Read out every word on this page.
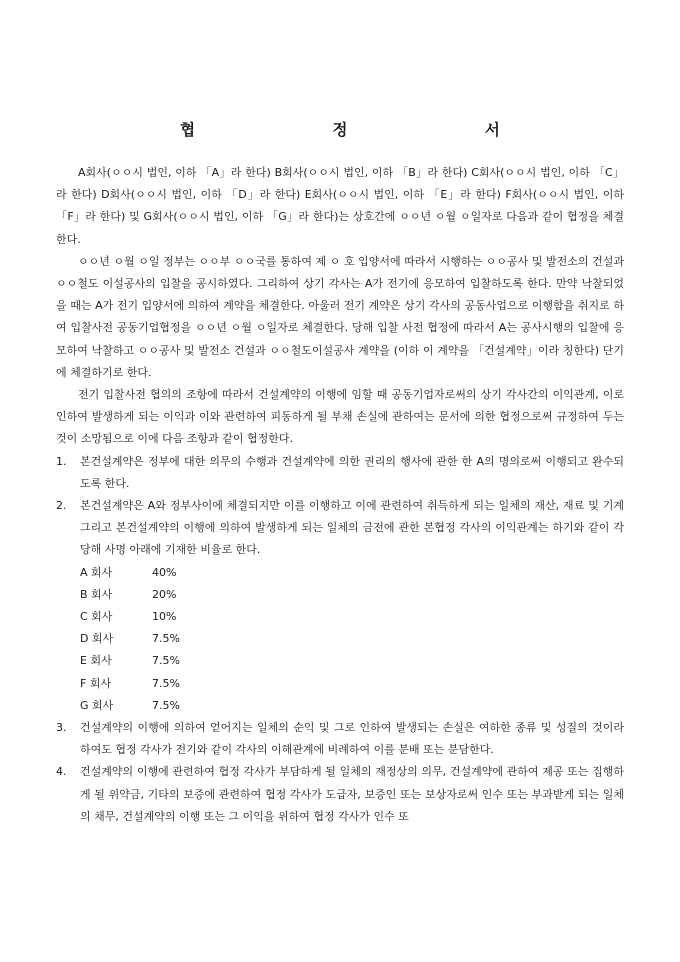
협 정 서

A회사(ㅇㅇ시 법인, 이하 「A」라 한다) B회사(ㅇㅇ시 법인, 이하 「B」라 한다) C회사(ㅇㅇ시 법인, 이하 「C」라 한다) D회사(ㅇㅇ시 법인, 이하 「D」라 한다) E회사(ㅇㅇ시 법인, 이하 「E」라 한다) F회사(ㅇㅇ시 법인, 이하 「F」라 한다) 및 G회사(ㅇㅇ시 법인, 이하 「G」라 한다)는 상호간에 ㅇㅇ년 ㅇ월 ㅇ일자로 다음과 같이 협정을 체결한다.

ㅇㅇ년 ㅇ월 ㅇ일 정부는 ㅇㅇ부 ㅇㅇ국를 통하여 제 ㅇ 호 입양서에 따라서 시행하는 ㅇㅇ공사 및 발전소의 건설과 ㅇㅇ철도 이설공사의 입찰을 공시하였다. 그리하여 상기 각사는 A가 전기에 응모하여 입찰하도록 한다. 만약 낙찰되었을 때는 A가 전기 입양서에 의하여 계약을 체결한다. 아울러 전기 계약은 상기 각사의 공동사업으로 이행함을 취지로 하여 입찰사전 공동기업협정을 ㅇㅇ년 ㅇ월 ㅇ일자로 체결한다. 당해 입찰 사전 협정에 따라서 A는 공사시행의 입찰에 응모하여 낙찰하고 ㅇㅇ공사 및 발전소 건설과 ㅇㅇ철도이설공사 계약을 (이하 이 계약을 「건설계약」이라 칭한다) 단기에 체결하기로 한다.

전기 입찰사전 협의의 조항에 따라서 건설계약의 이행에 임할 때 공동기업자로써의 상기 각사간의 이익관계, 이로 인하여 발생하게 되는 이익과 이와 관련하여 피동하게 될 부채 손실에 관하여는 문서에 의한 협정으로써 규정하여 두는 것이 소망됨으로 이에 다음 조항과 같이 협정한다.

1.	본건설계약은 정부에 대한 의무의 수행과 건설계약에 의한 권리의 행사에 관한 한 A의 명의로써 이행되고 완수되도록 한다.
2.	본건설계약은 A와 정부사이에 체결되지만 이를 이행하고 이에 관련하여 취득하게 되는 일체의 재산, 재료 및 기계 그리고 본건설계약의 이행에 의하여 발생하게 되는 일체의 금전에 관한 본협정 각사의 이익관계는 하기와 같이 각 당해 사명 아래에 기재한 비율로 한다.
A 회사	40%
B 회사	20%
C 회사	10%
D 회사	7.5%
E 회사	7.5%
F 회사	7.5%
G 회사	7.5%
3.	건설계약의 이행에 의하여 얻어지는 일체의 순익 및 그로 인하여 발생되는 손실은 여하한 종류 및 성질의 것이라 하여도 협정 각사가 전기와 같이 각사의 이해관계에 비례하여 이를 분배 또는 분담한다.
4.	건설계약의 이행에 관련하여 협정 각사가 부담하게 될 일체의 재정상의 의무, 건설계약에 관하여 제공 또는 집행하게 될 위약금, 기타의 보증에 관련하여 협정 각사가 도급자, 보증인 또는 보상자로써 인수 또는 부과받게 되는 일체의 채무, 건설계약의 이행 또는 그 이익을 위하여 협정 각사가 인수 또
